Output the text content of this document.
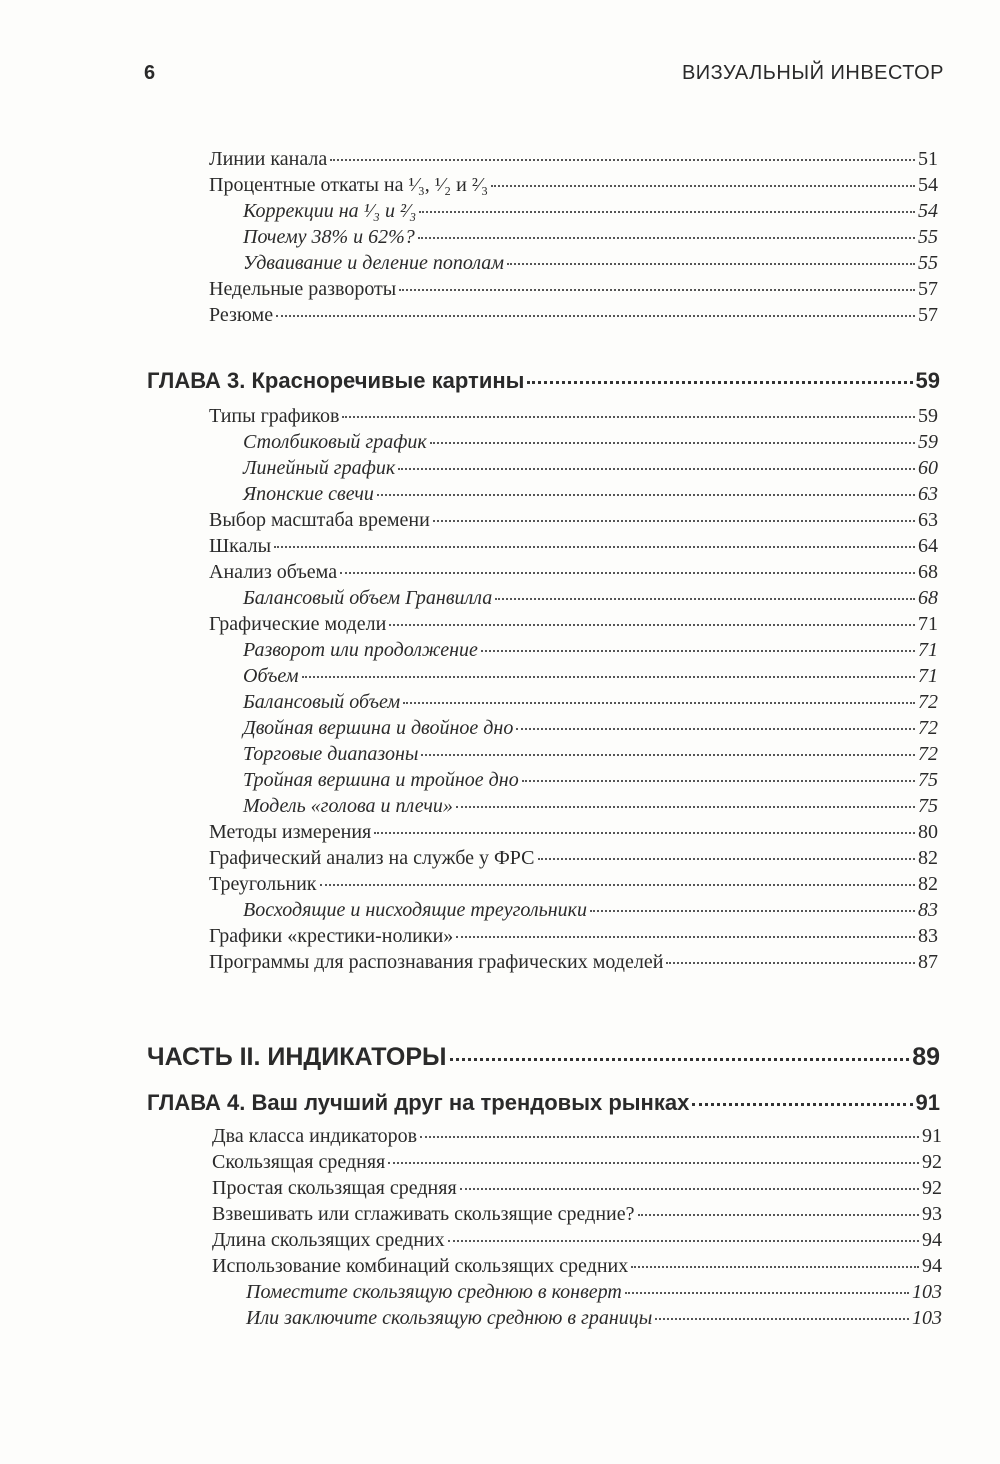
6	ВИЗУАЛЬНЫЙ ИНВЕСТОР
Линии канала	51
Процентные откаты на ¹⁄₃, ¹⁄₂ и ²⁄₃	54
Коррекции на ¹⁄₃ и ²⁄₃	54
Почему 38% и 62%?	55
Удваивание и деление пополам	55
Недельные развороты	57
Резюме	57
ГЛАВА 3. Красноречивые картины	59
Типы графиков	59
Столбиковый график	59
Линейный график	60
Японские свечи	63
Выбор масштаба времени	63
Шкалы	64
Анализ объема	68
Балансовый объем Гранвилла	68
Графические модели	71
Разворот или продолжение	71
Объем	71
Балансовый объем	72
Двойная вершина и двойное дно	72
Торговые диапазоны	72
Тройная вершина и тройное дно	75
Модель «голова и плечи»	75
Методы измерения	80
Графический анализ на службе у ФРС	82
Треугольник	82
Восходящие и нисходящие треугольники	83
Графики «крестики-нолики»	83
Программы для распознавания графических моделей	87
ЧАСТЬ II. ИНДИКАТОРЫ	89
ГЛАВА 4. Ваш лучший друг на трендовых рынках	91
Два класса индикаторов	91
Скользящая средняя	92
Простая скользящая средняя	92
Взвешивать или сглаживать скользящие средние?	93
Длина скользящих средних	94
Использование комбинаций скользящих средних	94
Поместите скользящую среднюю в конверт	103
Или заключите скользящую среднюю в границы	103
